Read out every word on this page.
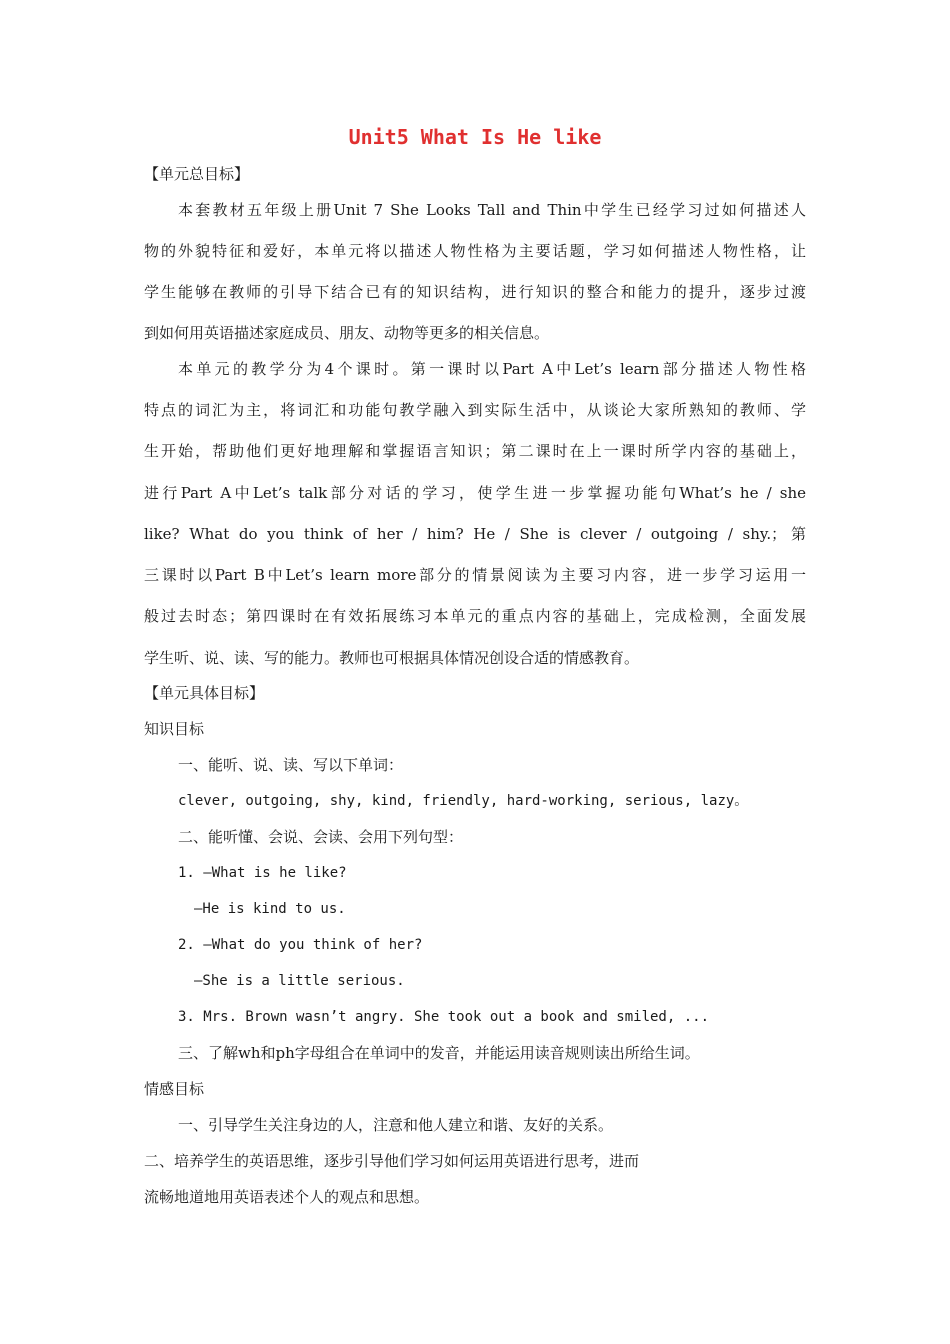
Unit5 What Is He like
【单元总目标】
本套教材五年级上册Unit 7 She Looks Tall and Thin中学生已经学习过如何描述人
物的外貌特征和爱好，本单元将以描述人物性格为主要话题，学习如何描述人物性格，让
学生能够在教师的引导下结合已有的知识结构，进行知识的整合和能力的提升，逐步过渡
到如何用英语描述家庭成员、朋友、动物等更多的相关信息。
本单元的教学分为4个课时。第一课时以Part A中Let’s learn部分描述人物性格
特点的词汇为主，将词汇和功能句教学融入到实际生活中，从谈论大家所熟知的教师、学
生开始，帮助他们更好地理解和掌握语言知识；第二课时在上一课时所学内容的基础上，
进行Part A中Let’s talk部分对话的学习，使学生进一步掌握功能句What’s he / she
like? What do you think of her / him? He / She is clever / outgoing / shy.；第
三课时以Part B中Let’s learn more部分的情景阅读为主要习内容，进一步学习运用一
般过去时态；第四课时在有效拓展练习本单元的重点内容的基础上，完成检测，全面发展
学生听、说、读、写的能力。教师也可根据具体情况创设合适的情感教育。
【单元具体目标】
知识目标
一、能听、说、读、写以下单词：
clever, outgoing, shy, kind, friendly, hard-working, serious, lazy。
二、能听懂、会说、会读、会用下列句型：
1. —What is he like?
—He is kind to us.
2. —What do you think of her?
—She is a little serious.
3. Mrs. Brown wasn’t angry. She took out a book and smiled, ...
三、了解wh和ph字母组合在单词中的发音，并能运用读音规则读出所给生词。
情感目标
一、引导学生关注身边的人，注意和他人建立和谐、友好的关系。
二、培养学生的英语思维，逐步引导他们学习如何运用英语进行思考，进而
流畅地道地用英语表述个人的观点和思想。
